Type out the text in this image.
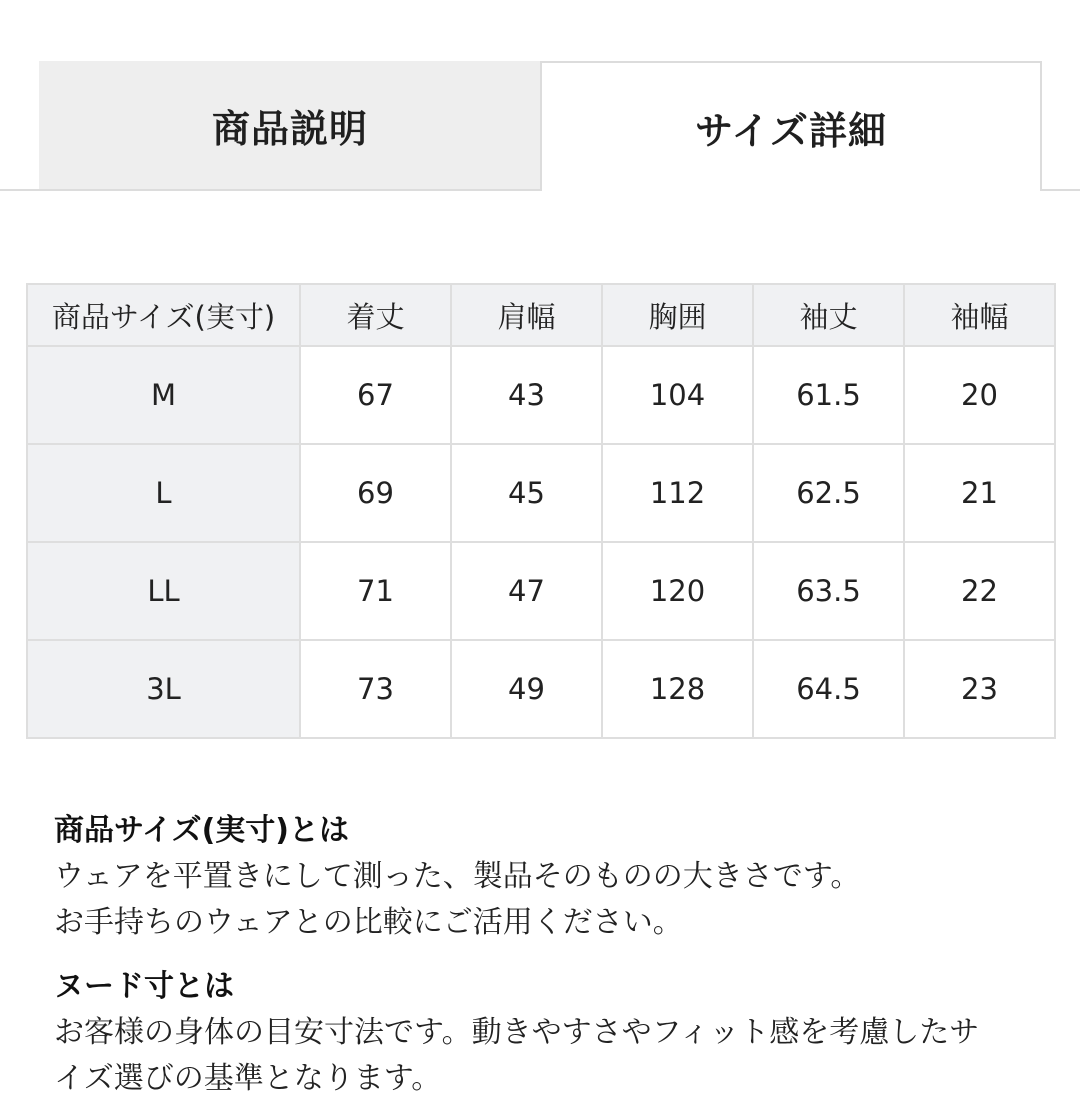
商品説明	サイズ詳細
商品サイズ(実寸)	着丈	肩幅	胸囲	袖丈	袖幅
M	67	43	104	61.5	20
L	69	45	112	62.5	21
LL	71	47	120	63.5	22
3L	73	49	128	64.5	23

商品サイズ(実寸)とは

ウェアを平置きにして測った、製品そのものの大きさです。

お手持ちのウェアとの比較にご活用ください。

ヌード寸とは

お客様の身体の目安寸法です。動きやすさやフィット感を考慮したサ

イズ選びの基準となります。
